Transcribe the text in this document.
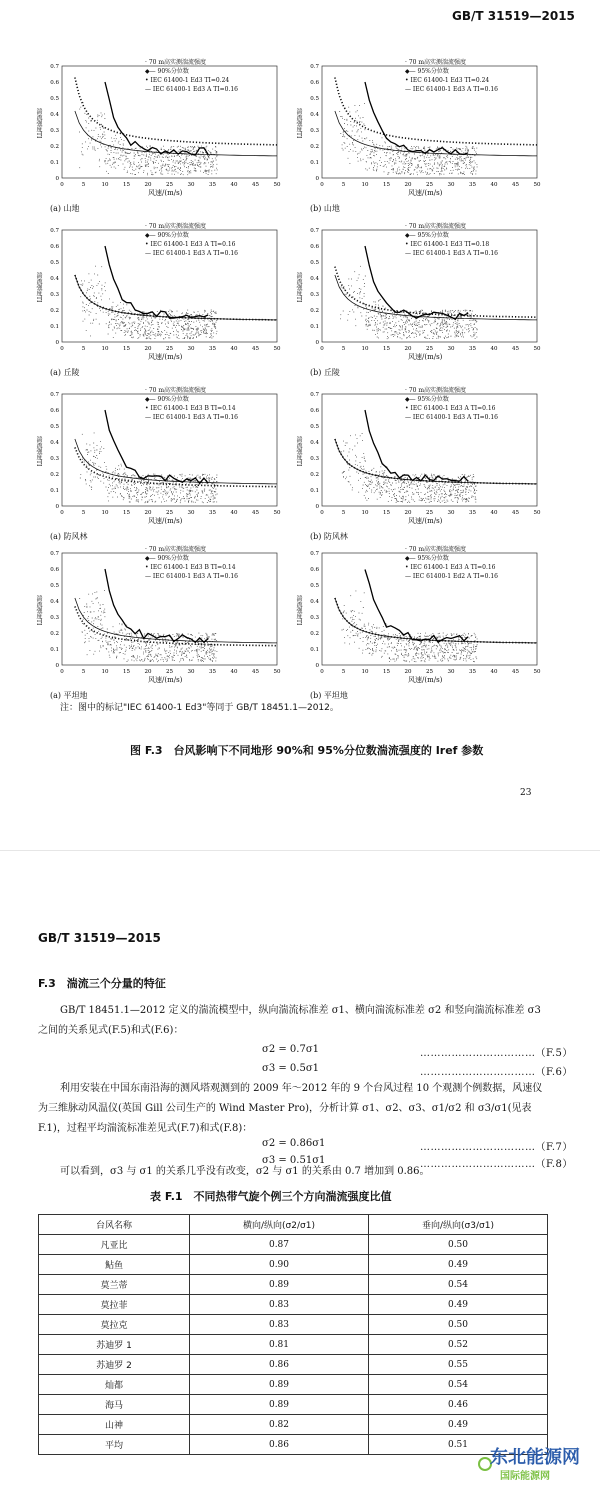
GB/T 31519—2015
0	5	10	15	20	25	30	35	40	45	50
0
0.1
0.2
0.3
0.4
0.5
0.6
0.7
· 70 m高实测湍流强度
◆— 90%分位数
• IEC 61400-1 Ed3 TI=0.24
— IEC 61400-1 Ed3 A TI=0.16
湍流强度TI
风速/(m/s)
(a) 山地
0	5	10	15	20	25	30	35	40	45	50
0
0.1
0.2
0.3
0.4
0.5
0.6
0.7
· 70 m高实测湍流强度
◆— 95%分位数
• IEC 61400-1 Ed3 TI=0.24
— IEC 61400-1 Ed3 A TI=0.16
湍流强度TI
风速/(m/s)
(b) 山地
0	5	10	15	20	25	30	35	40	45	50
0
0.1
0.2
0.3
0.4
0.5
0.6
0.7
· 70 m高实测湍流强度
◆— 90%分位数
• IEC 61400-1 Ed3 A TI=0.16
— IEC 61400-1 Ed3 A TI=0.16
湍流强度TI
风速/(m/s)
(a) 丘陵
0	5	10	15	20	25	30	35	40	45	50
0
0.1
0.2
0.3
0.4
0.5
0.6
0.7
· 70 m高实测湍流强度
◆— 95%分位数
• IEC 61400-1 Ed3 TI=0.18
— IEC 61400-1 Ed3 A TI=0.16
湍流强度TI
风速/(m/s)
(b) 丘陵
0	5	10	15	20	25	30	35	40	45	50
0
0.1
0.2
0.3
0.4
0.5
0.6
0.7
· 70 m高实测湍流强度
◆— 90%分位数
• IEC 61400-1 Ed3 B TI=0.14
— IEC 61400-1 Ed3 A TI=0.16
湍流强度TI
风速/(m/s)
(a) 防风林
0	5	10	15	20	25	30	35	40	45	50
0
0.1
0.2
0.3
0.4
0.5
0.6
0.7
· 70 m高实测湍流强度
◆— 95%分位数
• IEC 61400-1 Ed3 A TI=0.16
— IEC 61400-1 Ed3 A TI=0.16
湍流强度TI
风速/(m/s)
(b) 防风林
0	5	10	15	20	25	30	35	40	45	50
0
0.1
0.2
0.3
0.4
0.5
0.6
0.7
· 70 m高实测湍流强度
◆— 90%分位数
• IEC 61400-1 Ed3 B TI=0.14
— IEC 61400-1 Ed3 A TI=0.16
湍流强度TI
风速/(m/s)
(a) 平坦地
0	5	10	15	20	25	30	35	40	45	50
0
0.1
0.2
0.3
0.4
0.5
0.6
0.7
· 70 m高实测湍流强度
◆— 95%分位数
• IEC 61400-1 Ed3 A TI=0.16
— IEC 61400-1 Ed2 A TI=0.16
湍流强度TI
风速/(m/s)
(b) 平坦地
注：图中的标记"IEC 61400-1 Ed3"等同于 GB/T 18451.1—2012。
图 F.3　台风影响下不同地形 90%和 95%分位数湍流强度的 Iref 参数
23
GB/T 31519—2015
F.3　湍流三个分量的特征
GB/T 18451.1—2012 定义的湍流模型中，纵向湍流标准差 σ1、横向湍流标准差 σ2 和竖向湍流标准差 σ3 之间的关系见式(F.5)和式(F.6)：
σ2 = 0.7σ1	……………………………（F.5）
σ3 = 0.5σ1	……………………………（F.6）
利用安装在中国东南沿海的测风塔观测到的 2009 年～2012 年的 9 个台风过程 10 个观测个例数据，风速仪为三维脉动风温仪(英国 Gill 公司生产的 Wind Master Pro)，分析计算 σ1、σ2、σ3、σ1/σ2 和 σ3/σ1(见表 F.1)，过程平均湍流标准差见式(F.7)和式(F.8)：
σ2 = 0.86σ1	……………………………（F.7）
σ3 = 0.51σ1	……………………………（F.8）
可以看到，σ3 与 σ1 的关系几乎没有改变，σ2 与 σ1 的关系由 0.7 增加到 0.86。
表 F.1　不同热带气旋个例三个方向湍流强度比值
台风名称	横向/纵向(σ2/σ1)	垂向/纵向(σ3/σ1)
凡亚比	0.87	0.50
鲇鱼	0.90	0.49
莫兰蒂	0.89	0.54
莫拉菲	0.83	0.49
莫拉克	0.83	0.50
苏迪罗 1	0.81	0.52
苏迪罗 2	0.86	0.55
灿都	0.89	0.54
海马	0.89	0.46
山神	0.82	0.49
平均	0.86	0.51
东北能源网
国际能源网
